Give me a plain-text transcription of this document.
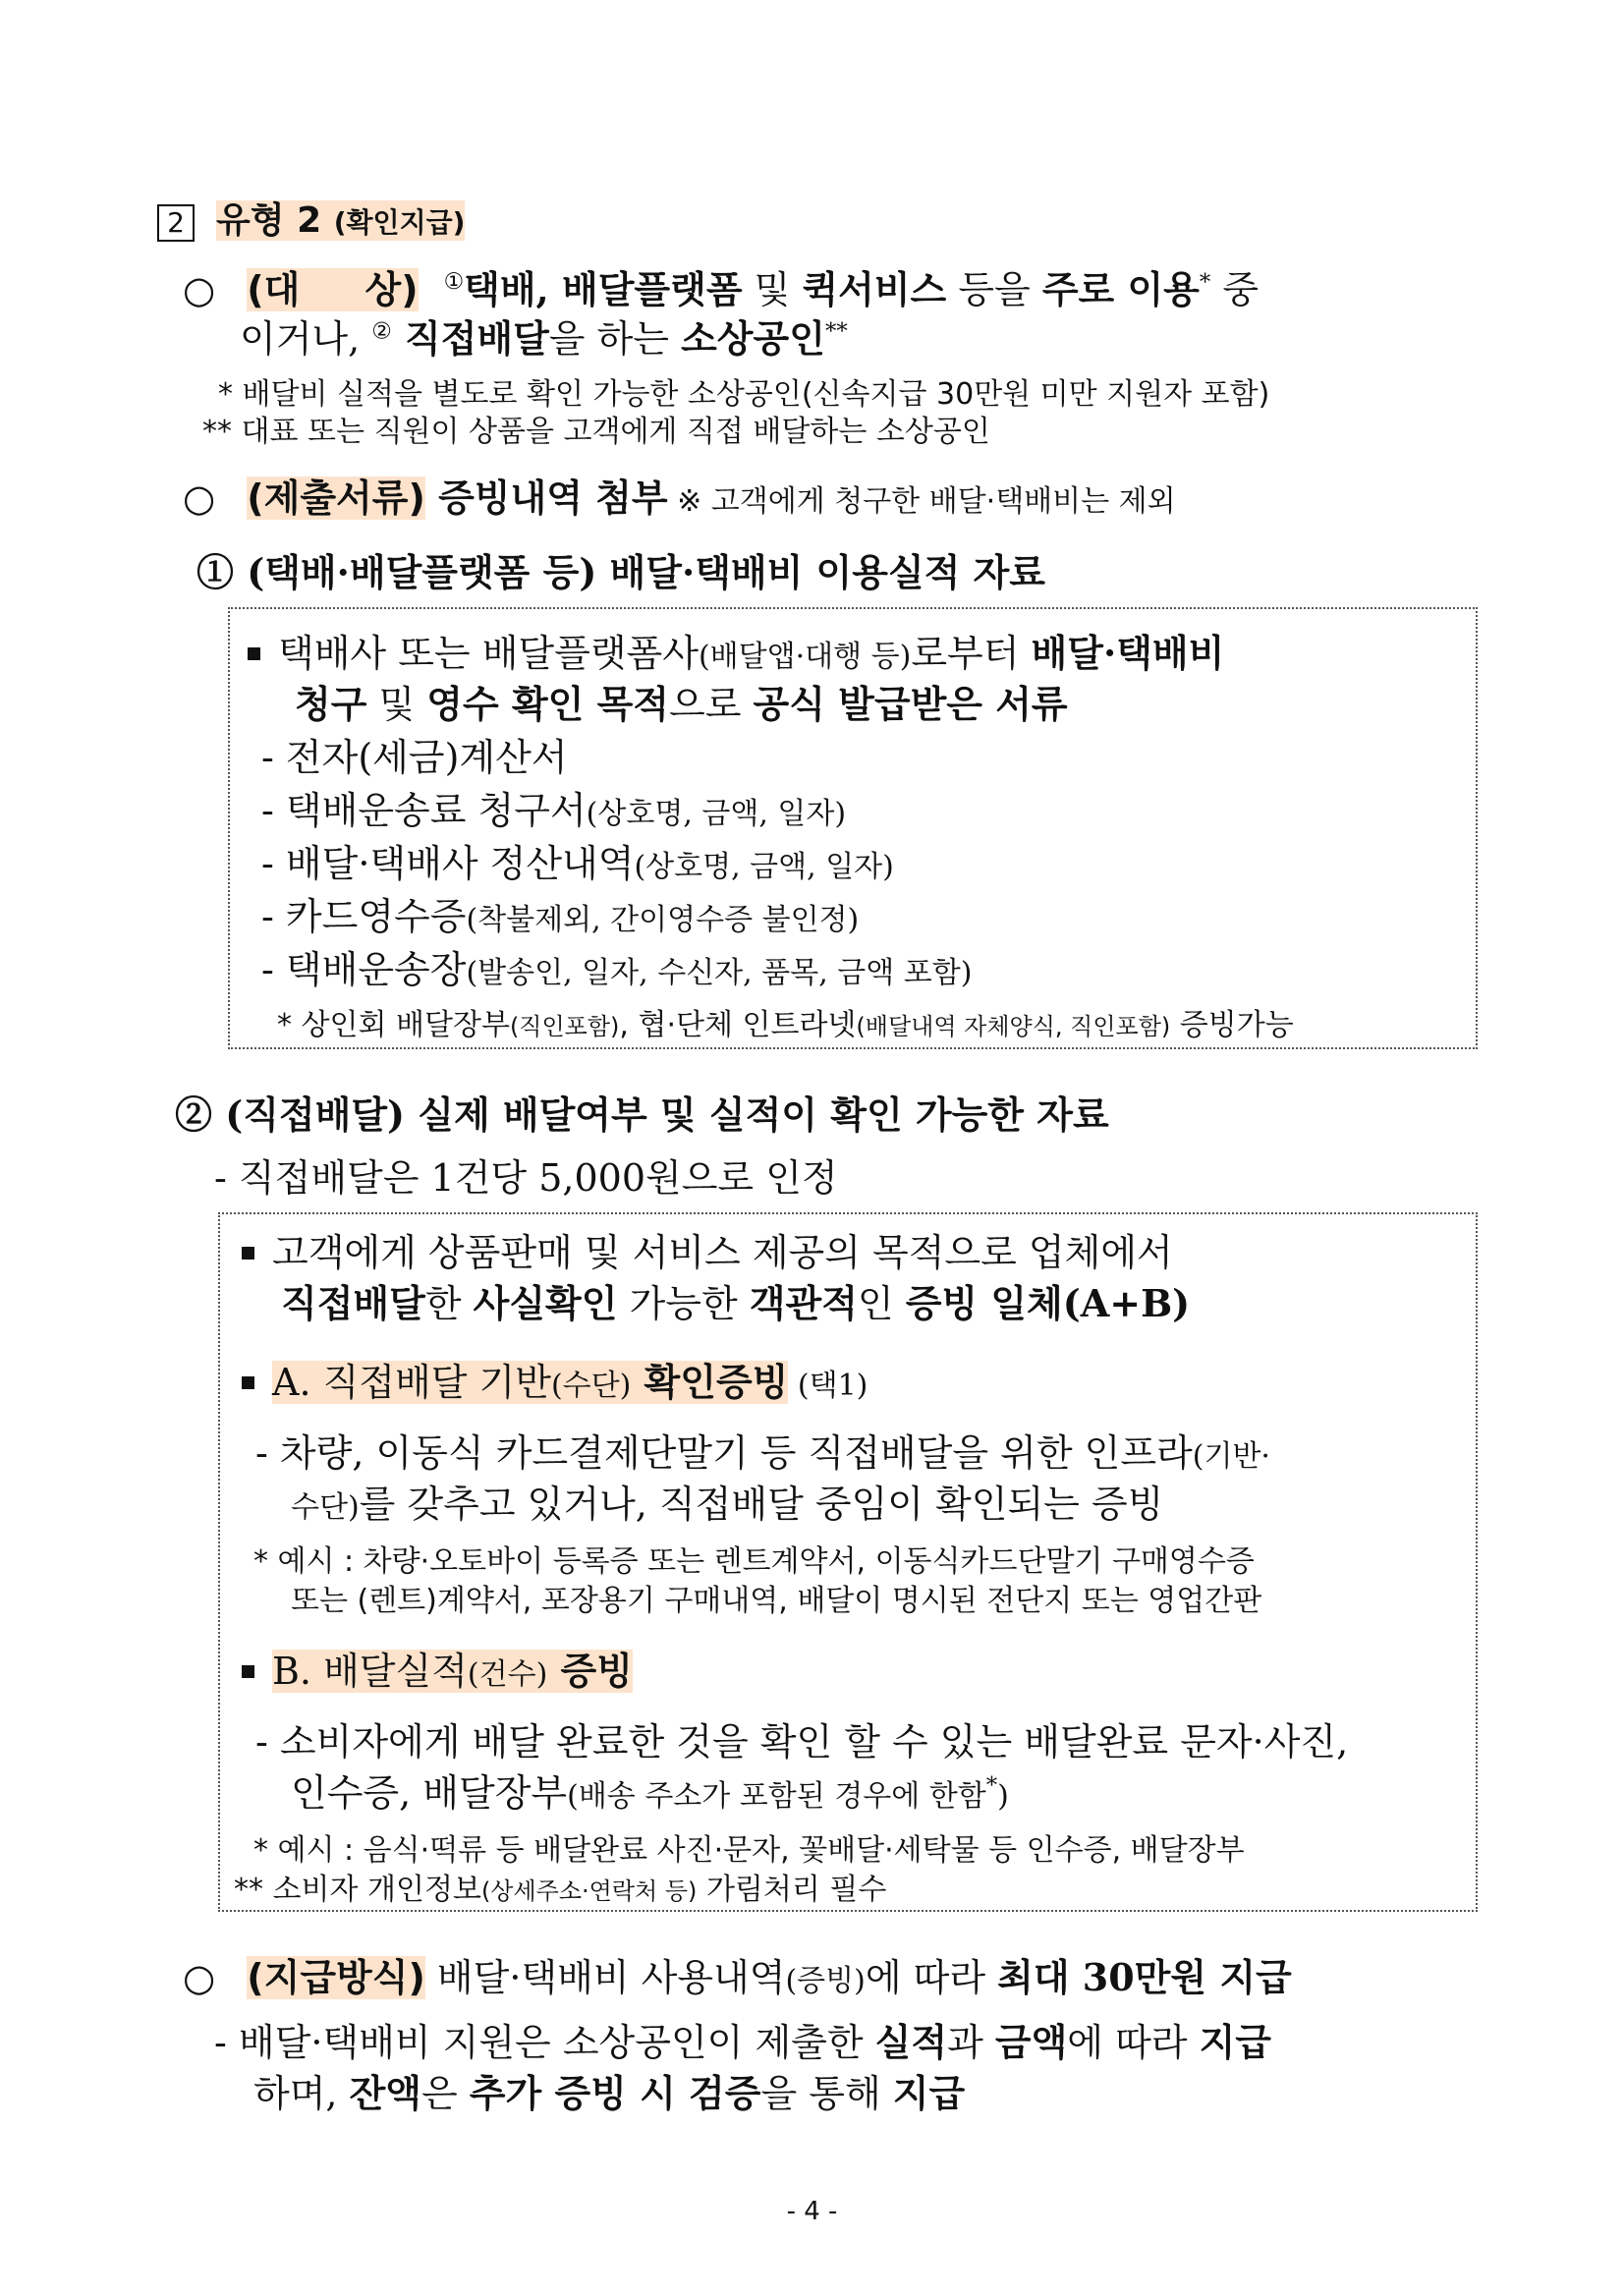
2 유형 2 (확인지급)
○ (대     상) ①택배, 배달플랫폼 및 퀵서비스 등을 주로 이용* 중
이거나, ② 직접배달을 하는 소상공인**
* 배달비 실적을 별도로 확인 가능한 소상공인(신속지급 30만원 미만 지원자 포함)
** 대표 또는 직원이 상품을 고객에게 직접 배달하는 소상공인
○ (제출서류) 증빙내역 첨부 ※ 고객에게 청구한 배달·택배비는 제외
① (택배·배달플랫폼 등) 배달·택배비 이용실적 자료
택배사 또는 배달플랫폼사(배달앱·대행 등)로부터 배달·택배비
청구 및 영수 확인 목적으로 공식 발급받은 서류
- 전자(세금)계산서
- 택배운송료 청구서(상호명, 금액, 일자)
- 배달·택배사 정산내역(상호명, 금액, 일자)
- 카드영수증(착불제외, 간이영수증 불인정)
- 택배운송장(발송인, 일자, 수신자, 품목, 금액 포함)
* 상인회 배달장부(직인포함), 협·단체 인트라넷(배달내역 자체양식, 직인포함) 증빙가능
② (직접배달) 실제 배달여부 및 실적이 확인 가능한 자료
- 직접배달은 1건당 5,000원으로 인정
고객에게 상품판매 및 서비스 제공의 목적으로 업체에서
직접배달한 사실확인 가능한 객관적인 증빙 일체(A+B)
A. 직접배달 기반(수단) 확인증빙 (택1)
- 차량, 이동식 카드결제단말기 등 직접배달을 위한 인프라(기반·
수단)를 갖추고 있거나, 직접배달 중임이 확인되는 증빙
* 예시 : 차량·오토바이 등록증 또는 렌트계약서, 이동식카드단말기 구매영수증
또는 (렌트)계약서, 포장용기 구매내역, 배달이 명시된 전단지 또는 영업간판
B. 배달실적(건수) 증빙
- 소비자에게 배달 완료한 것을 확인 할 수 있는 배달완료 문자·사진,
인수증, 배달장부(배송 주소가 포함된 경우에 한함*)
* 예시 : 음식·떡류 등 배달완료 사진·문자, 꽃배달·세탁물 등 인수증, 배달장부
** 소비자 개인정보(상세주소·연락처 등) 가림처리 필수
○ (지급방식) 배달·택배비 사용내역(증빙)에 따라 최대 30만원 지급
- 배달·택배비 지원은 소상공인이 제출한 실적과 금액에 따라 지급
하며, 잔액은 추가 증빙 시 검증을 통해 지급
- 4 -
